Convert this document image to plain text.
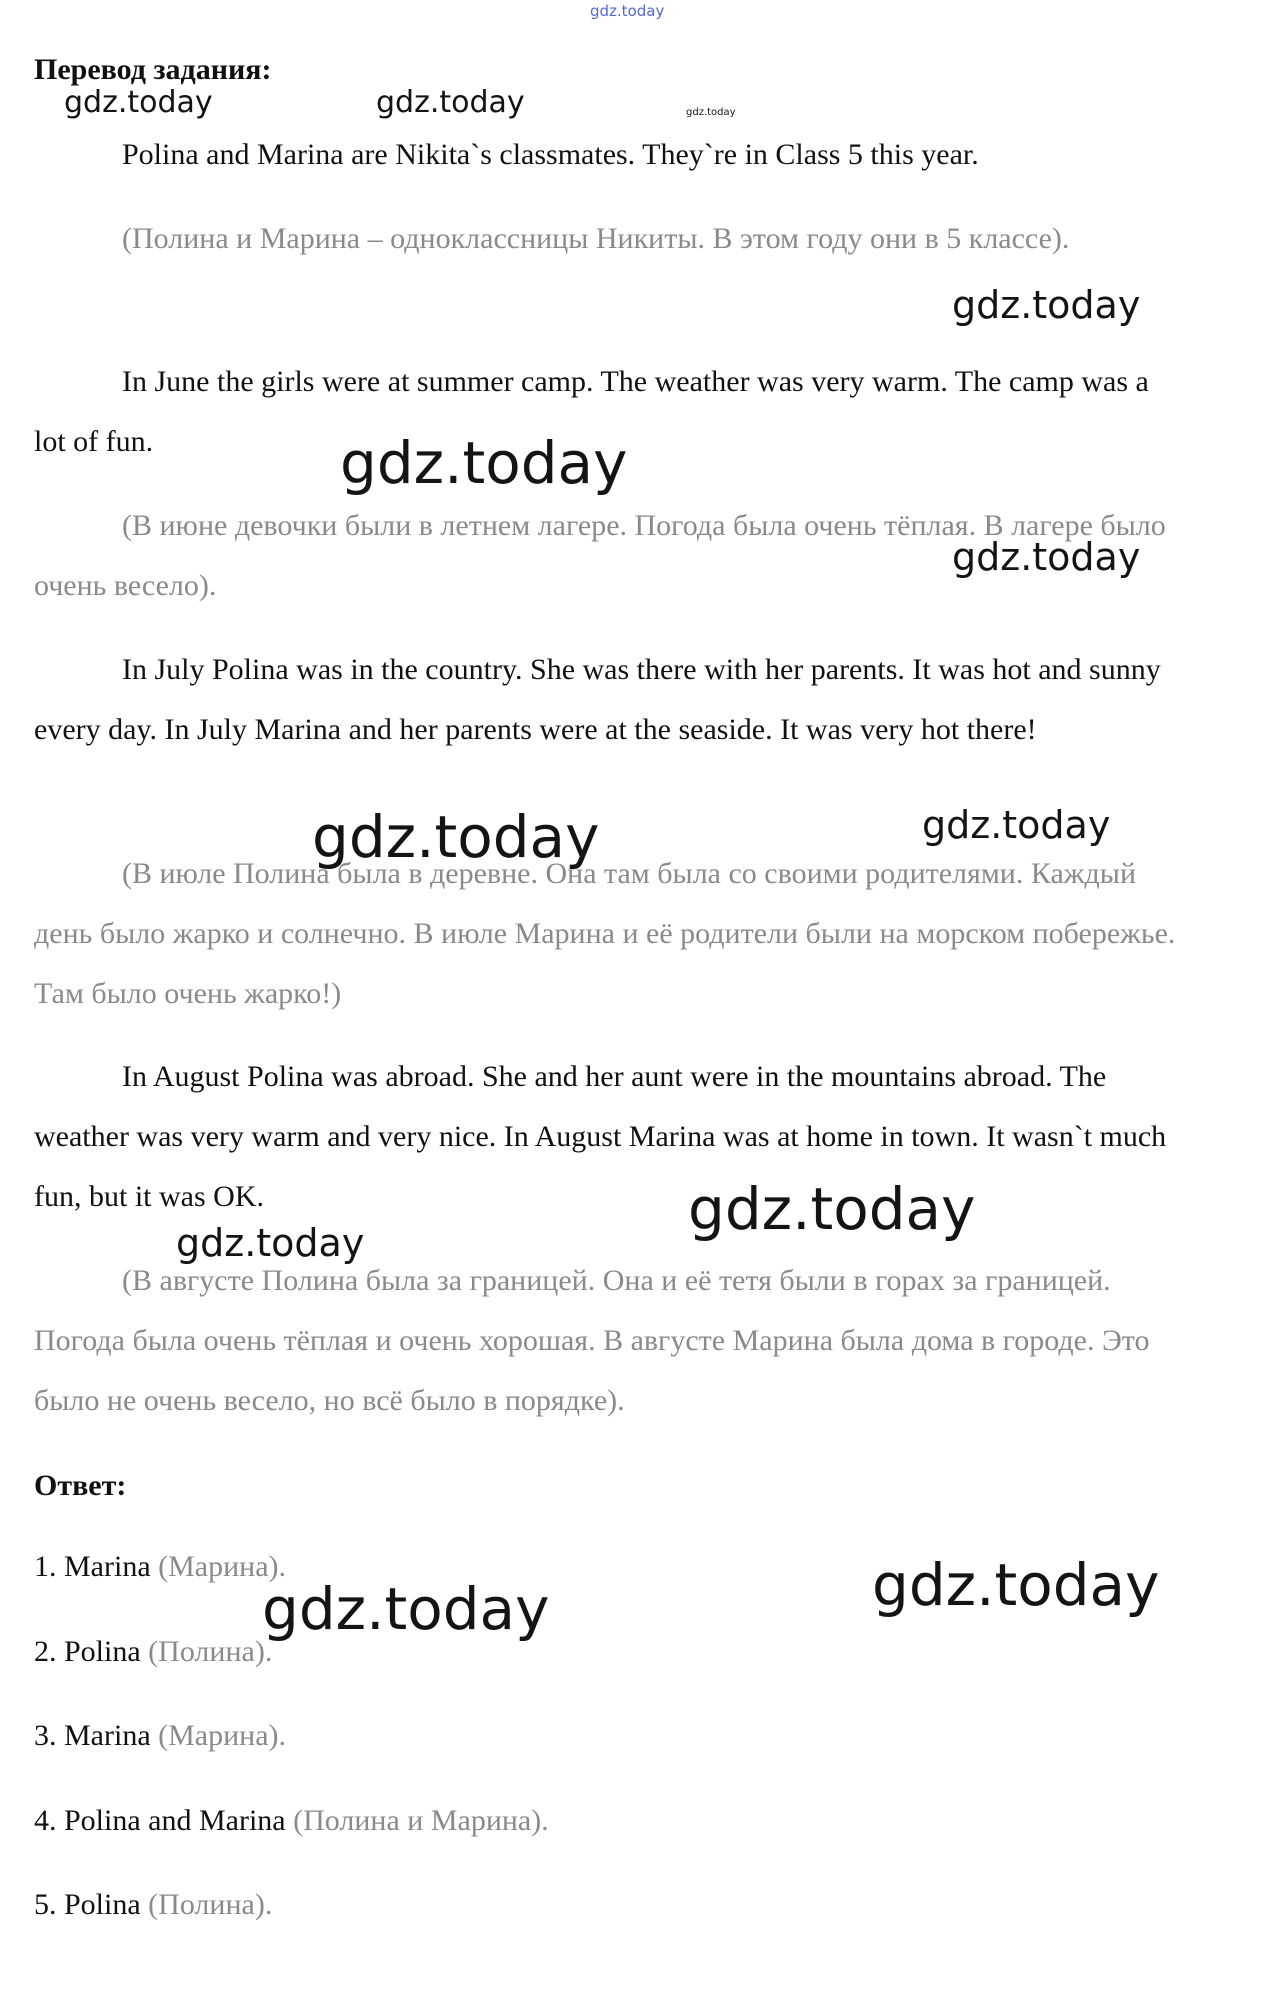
gdz.today
gdz.today	gdz.today	gdz.today
gdz.today
gdz.today
gdz.today
gdz.today	gdz.today
gdz.today
gdz.today
gdz.today
gdz.today
Перевод задания:

Polina and Marina are Nikita`s classmates. They`re in Class 5 this year.

(Полина и Марина – одноклассницы Никиты. В этом году они в 5 классе).

In June the girls were at summer camp. The weather was very warm. The camp was a lot of fun.

(В июне девочки были в летнем лагере. Погода была очень тёплая. В лагере было очень весело).

In July Polina was in the country. She was there with her parents. It was hot and sunny every day. In July Marina and her parents were at the seaside. It was very hot there!

(В июле Полина была в деревне. Она там была со своими родителями. Каждый день было жарко и солнечно. В июле Марина и её родители были на морском побережье. Там было очень жарко!)

In August Polina was abroad. She and her aunt were in the mountains abroad. The weather was very warm and very nice. In August Marina was at home in town. It wasn`t much fun, but it was OK.

(В августе Полина была за границей. Она и её тетя были в горах за границей. Погода была очень тёплая и очень хорошая. В августе Марина была дома в городе. Это было не очень весело, но всё было в порядке).

Ответ:
1. Marina (Марина).
2. Polina (Полина).
3. Marina (Марина).
4. Polina and Marina (Полина и Марина).
5. Polina (Полина).
